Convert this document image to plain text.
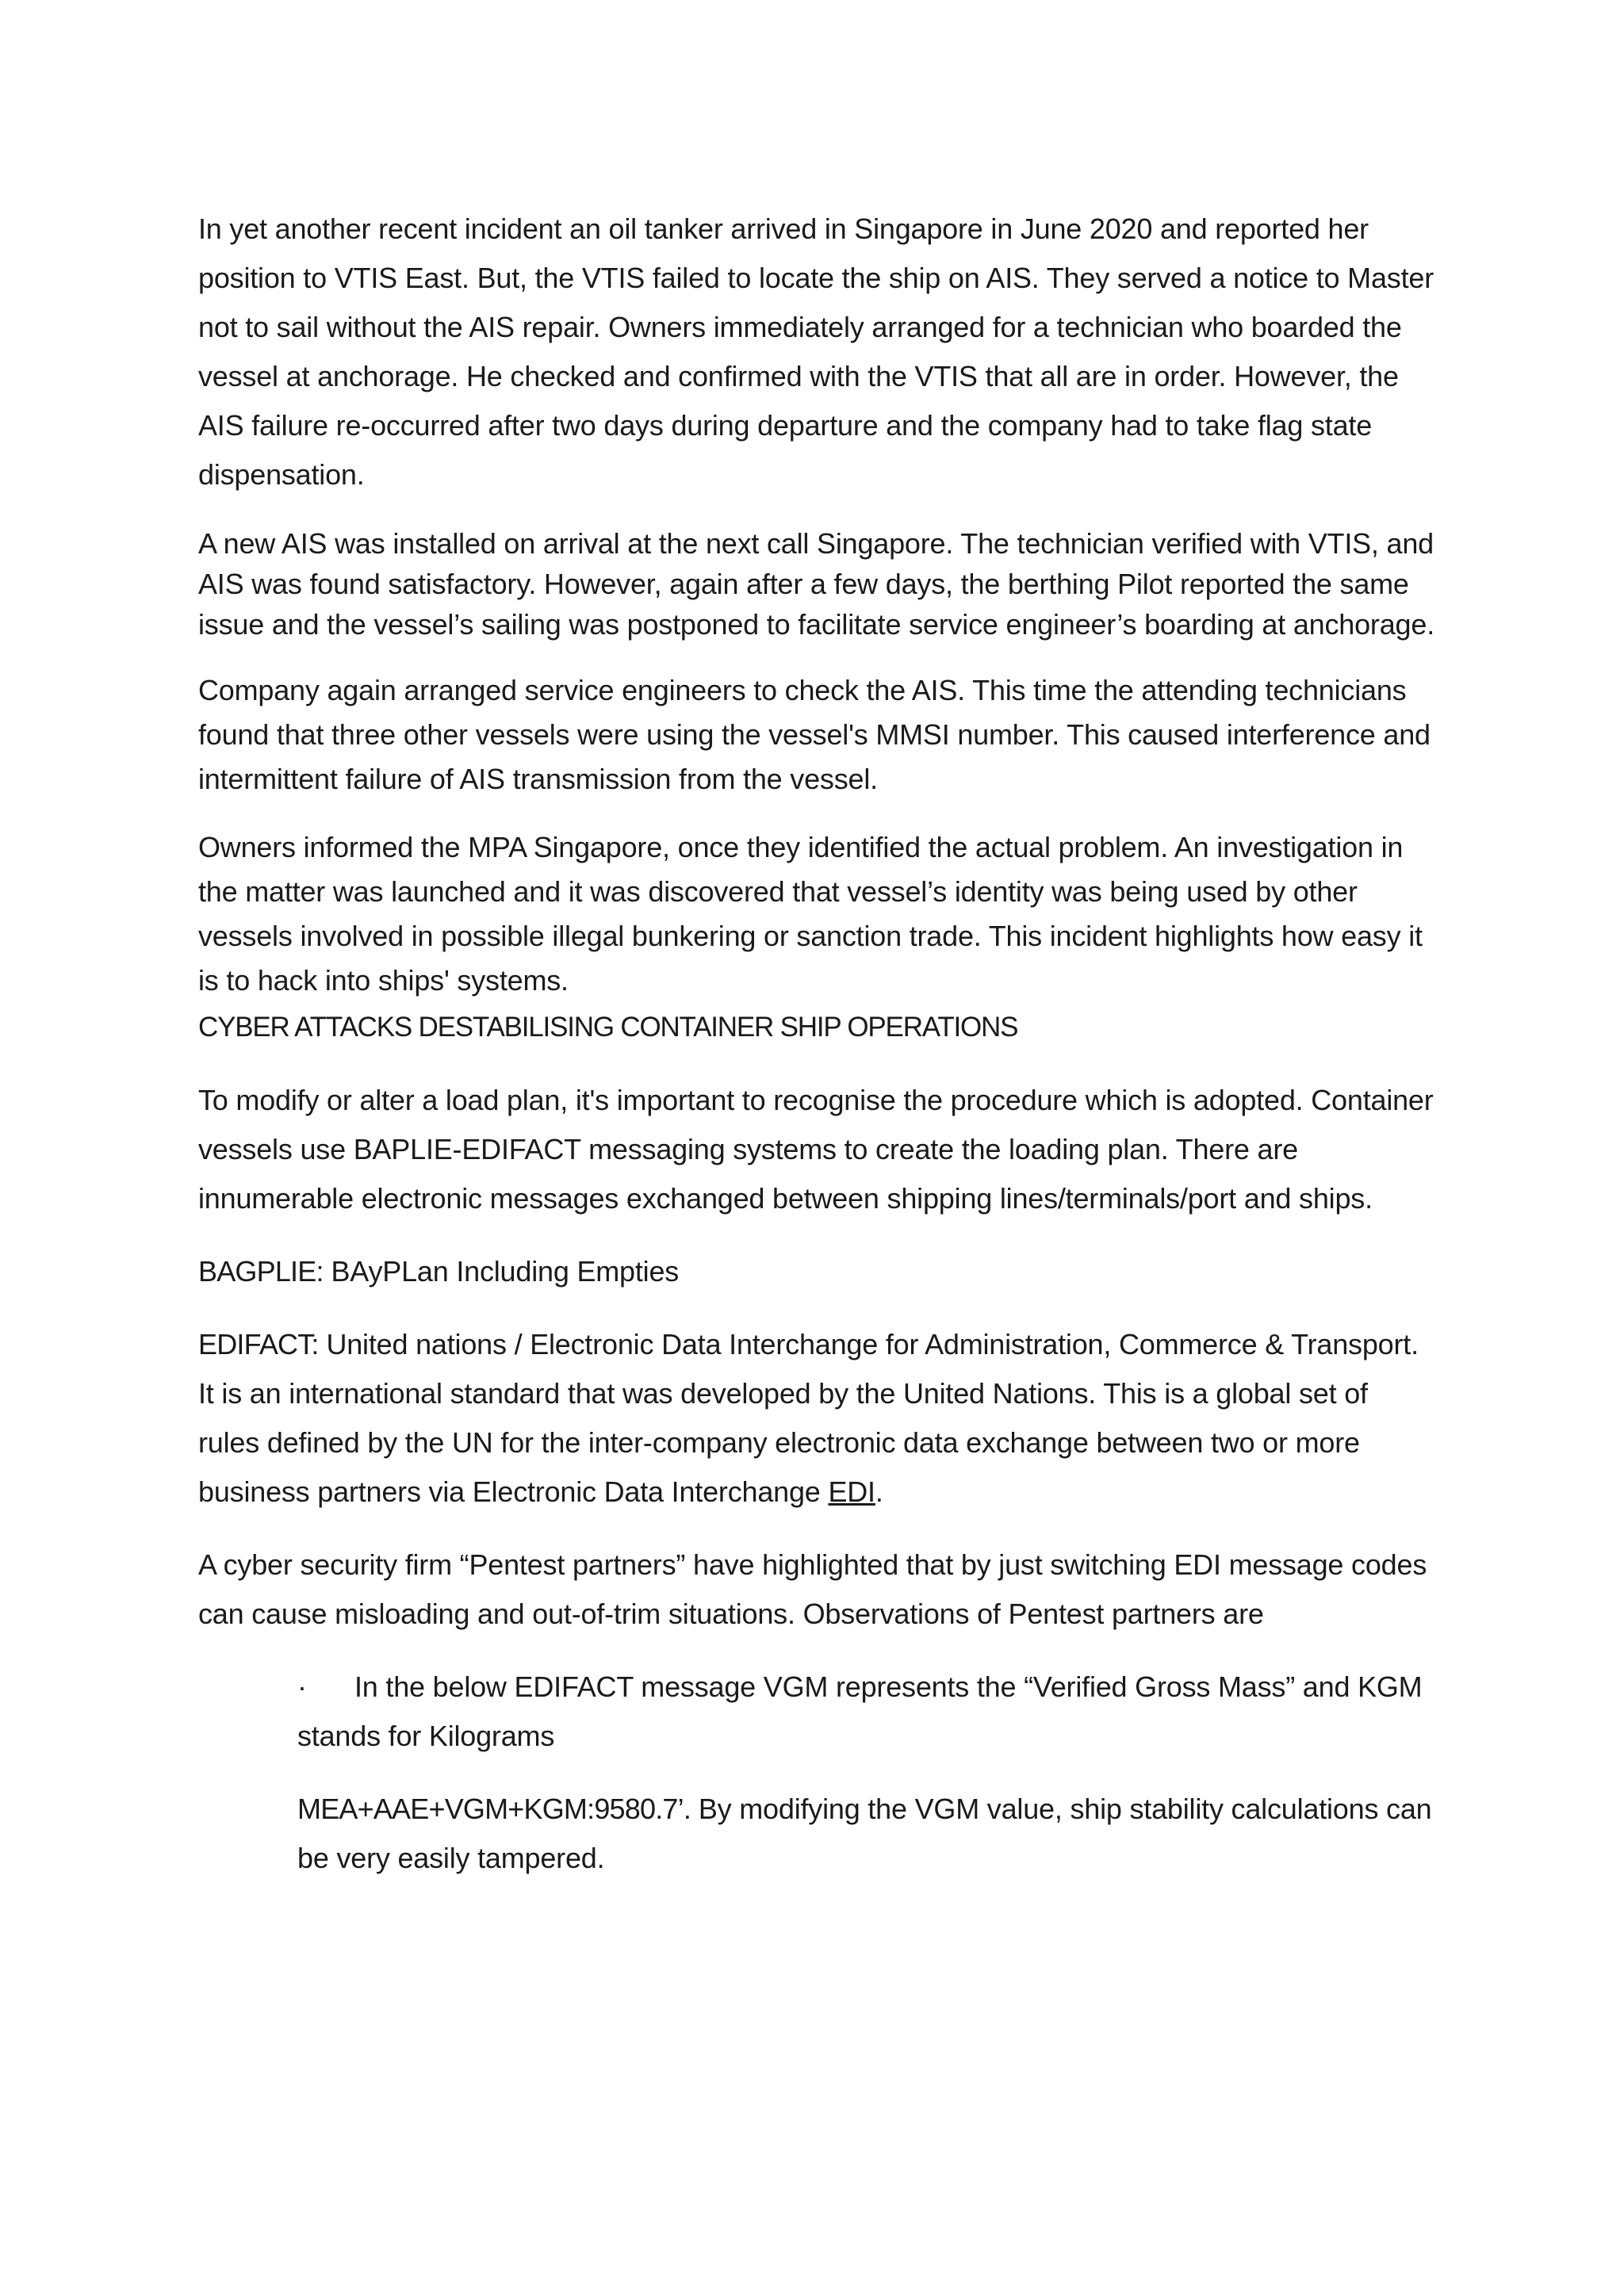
In yet another recent incident an oil tanker arrived in Singapore in June 2020 and reported her position to VTIS East. But, the VTIS failed to locate the ship on AIS. They served a notice to Master not to sail without the AIS repair. Owners immediately arranged for a technician who boarded the vessel at anchorage. He checked and confirmed with the VTIS that all are in order. However, the AIS failure re-occurred after two days during departure and the company had to take flag state dispensation.

A new AIS was installed on arrival at the next call Singapore. The technician verified with VTIS, and AIS was found satisfactory. However, again after a few days, the berthing Pilot reported the same issue and the vessel’s sailing was postponed to facilitate service engineer’s boarding at anchorage.

Company again arranged service engineers to check the AIS. This time the attending technicians found that three other vessels were using the vessel's MMSI number. This caused interference and intermittent failure of AIS transmission from the vessel.

Owners informed the MPA Singapore, once they identified the actual problem. An investigation in the matter was launched and it was discovered that vessel’s identity was being used by other vessels involved in possible illegal bunkering or sanction trade. This incident highlights how easy it is to hack into ships' systems.

CYBER ATTACKS DESTABILISING CONTAINER SHIP OPERATIONS

To modify or alter a load plan, it's important to recognise the procedure which is adopted. Container vessels use BAPLIE-EDIFACT messaging systems to create the loading plan. There are innumerable electronic messages exchanged between shipping lines/terminals/port and ships.

BAGPLIE: BAyPLan Including Empties

EDIFACT: United nations / Electronic Data Interchange for Administration, Commerce & Transport. It is an international standard that was developed by the United Nations. This is a global set of rules defined by the UN for the inter-company electronic data exchange between two or more business partners via Electronic Data Interchange EDI.

A cyber security firm “Pentest partners” have highlighted that by just switching EDI message codes can cause misloading and out-of-trim situations. Observations of Pentest partners are

· In the below EDIFACT message VGM represents the “Verified Gross Mass” and KGM stands for Kilograms

MEA+AAE+VGM+KGM:9580.7’. By modifying the VGM value, ship stability calculations can be very easily tampered.
